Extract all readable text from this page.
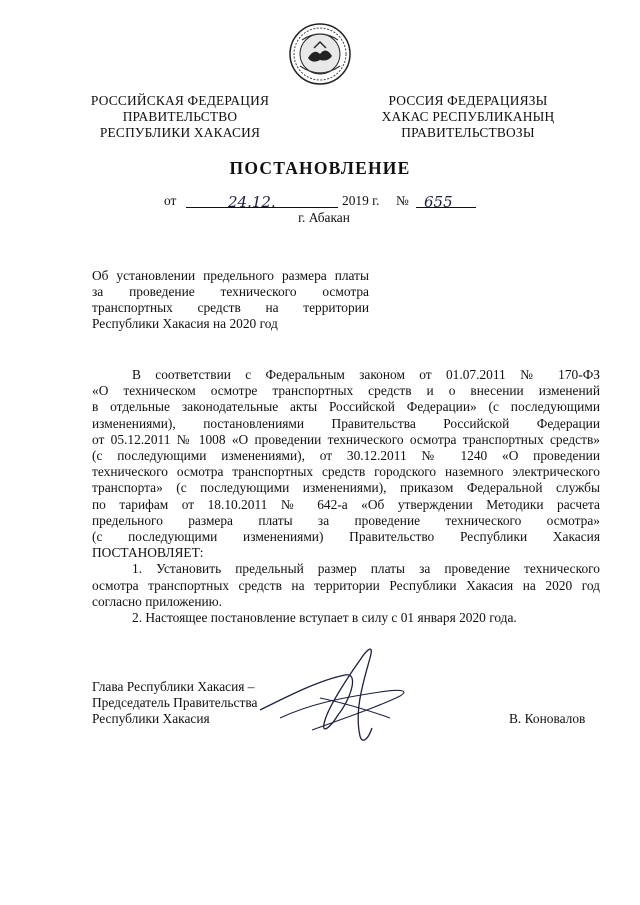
РОССИЙСКАЯ ФЕДЕРАЦИЯ
ПРАВИТЕЛЬСТВО
РЕСПУБЛИКИ ХАКАСИЯ
РОССИЯ ФЕДЕРАЦИЯЗЫ
ХАКАС РЕСПУБЛИКАНЫҢ
ПРАВИТЕЛЬСТВОЗЫ
ПОСТАНОВЛЕНИЕ
от	24.12.	2019 г. № 655
г. Абакан
Об установлении предельного размера платы
за проведение технического осмотра
транспортных средств на территории
Республики Хакасия на 2020 год

В соответствии с Федеральным законом от 01.07.2011 № 170-ФЗ
«О техническом осмотре транспортных средств и о внесении изменений
в отдельные законодательные акты Российской Федерации» (с последующими
изменениями), постановлениями Правительства Российской Федерации
от 05.12.2011 № 1008 «О проведении технического осмотра транспортных средств»
(с последующими изменениями), от 30.12.2011 № 1240 «О проведении
технического осмотра транспортных средств городского наземного электрического
транспорта» (с последующими изменениями), приказом Федеральной службы
по тарифам от 18.10.2011 № 642-а «Об утверждении Методики расчета
предельного размера платы за проведение технического осмотра»
(с последующими изменениями) Правительство Республики Хакасия
ПОСТАНОВЛЯЕТ:

1. Установить предельный размер платы за проведение технического
осмотра транспортных средств на территории Республики Хакасия на 2020 год
согласно приложению.

2. Настоящее постановление вступает в силу с 01 января 2020 года.

Глава Республики Хакасия –
Председатель Правительства
Республики Хакасия	В. Коновалов
